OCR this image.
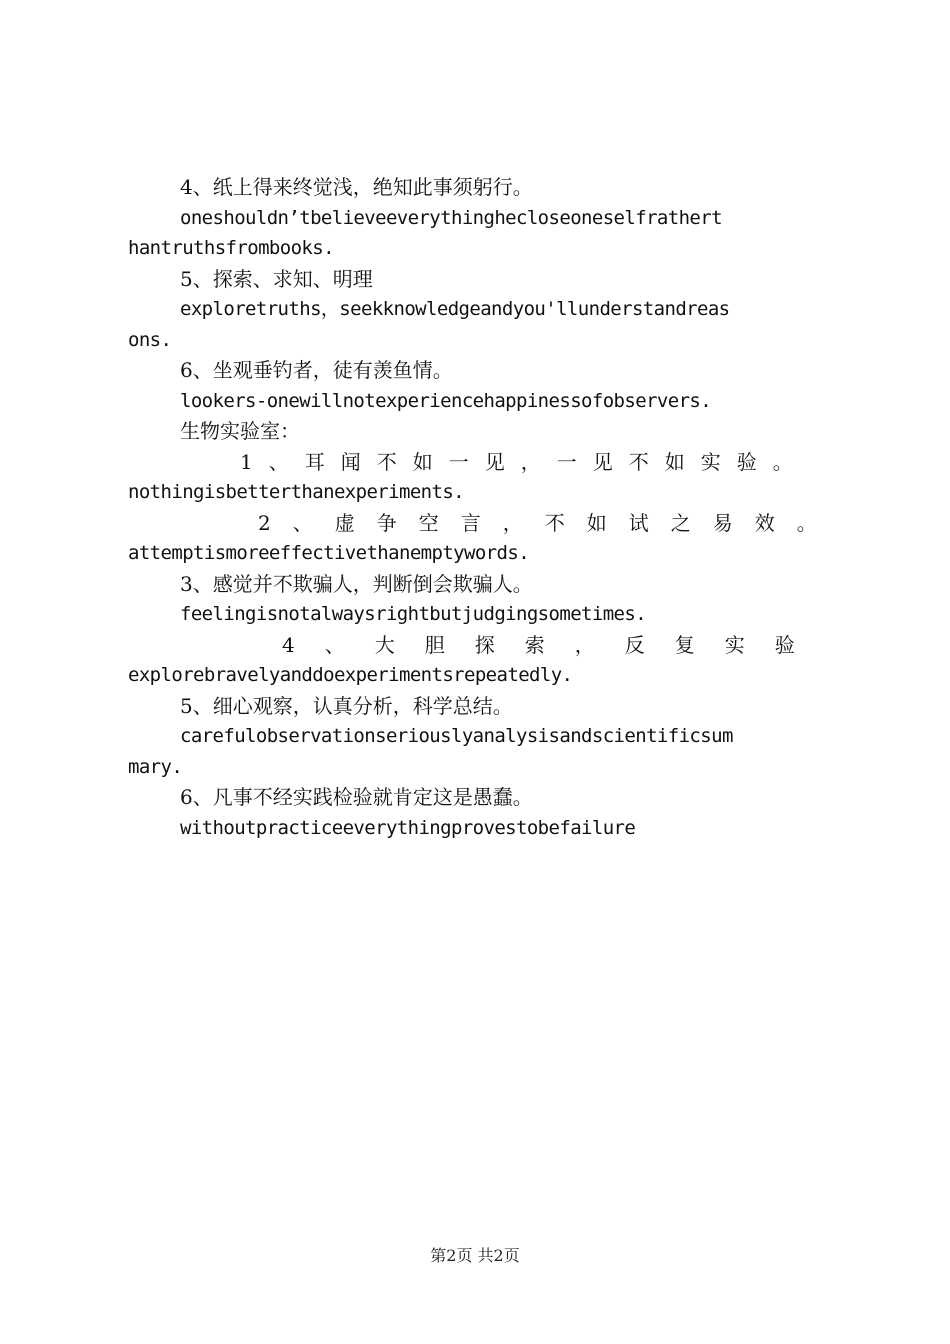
4、纸上得来终觉浅，绝知此事须躬行。
oneshouldn’tbelieveeverythinghecloseoneselfrathert
hantruthsfrombooks.
5、探索、求知、明理
exploretruths，seekknowledgeandyou'llunderstandreas
ons.
6、坐观垂钓者，徒有羡鱼情。
lookers-onewillnotexperiencehappinessofobservers.
生物实验室：
1、耳闻不如一见，一见不如实验。
nothingisbetterthanexperiments.
2、虚争空言，不如试之易效。
attemptismoreeffectivethanemptywords.
3、感觉并不欺骗人，判断倒会欺骗人。
feelingisnotalwaysrightbutjudgingsometimes.
4、大胆探索，反复实验
explorebravelyanddoexperimentsrepeatedly.
5、细心观察，认真分析，科学总结。
carefulobservationseriouslyanalysisandscientificsum
mary.
6、凡事不经实践检验就肯定这是愚蠢。
withoutpracticeeverythingprovestobefailure
第2页 共2页
